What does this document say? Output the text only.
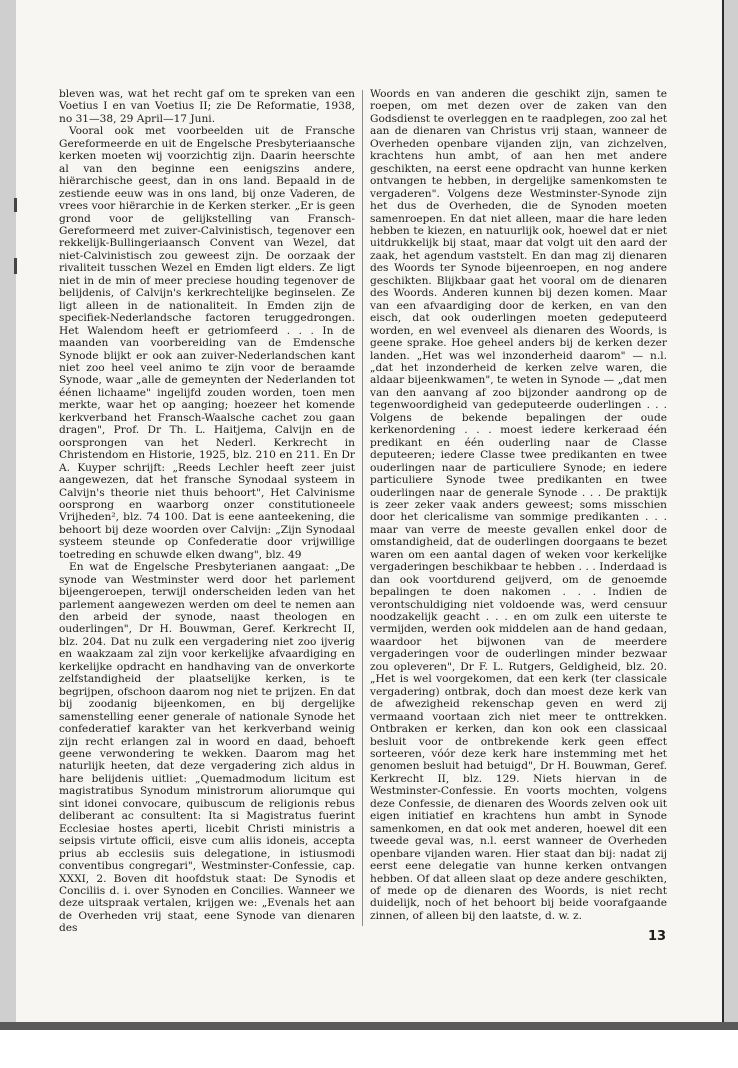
bleven was, wat het recht gaf om te spreken van een Voetius I en van Voetius II; zie De Reformatie, 1938, no 31—38, 29 April—17 Juni.

Vooral ook met voorbeelden uit de Fransche Gereformeerde en uit de Engelsche Presbyteriaansche kerken moeten wij voorzichtig zijn. Daarin heerschte al van den beginne een eenigszins andere, hiërarchische geest, dan in ons land. Bepaald in de zestiende eeuw was in ons land, bij onze Vaderen, de vrees voor hiërarchie in de Kerken sterker. „Er is geen grond voor de gelijkstelling van Fransch-Gereformeerd met zuiver-Calvinistisch, tegenover een rekkelijk-Bullingeriaansch Convent van Wezel, dat niet-Calvinistisch zou geweest zijn. De oorzaak der rivaliteit tusschen Wezel en Emden ligt elders. Ze ligt niet in de min of meer preciese houding tegenover de belijdenis, of Calvijn's kerkrechtelijke beginselen. Ze ligt alleen in de nationaliteit. In Emden zijn de specifiek-Nederlandsche factoren teruggedrongen. Het Walendom heeft er getriomfeerd . . . In de maanden van voorbereiding van de Emdensche Synode blijkt er ook aan zuiver-Nederlandschen kant niet zoo heel veel animo te zijn voor de beraamde Synode, waar „alle de gemeynten der Nederlanden tot éénen lichaame" ingelijfd zouden worden, toen men merkte, waar het op aanging; hoezeer het komende kerkverband het Fransch-Waalsche cachet zou gaan dragen", Prof. Dr Th. L. Haitjema, Calvijn en de oorsprongen van het Nederl. Kerkrecht in Christendom en Historie, 1925, blz. 210 en 211. En Dr A. Kuyper schrijft: „Reeds Lechler heeft zeer juist aangewezen, dat het fransche Synodaal systeem in Calvijn's theorie niet thuis behoort", Het Calvinisme oorsprong en waarborg onzer constitutioneele Vrijheden², blz. 74 100. Dat is eene aanteekening, die behoort bij deze woorden over Calvijn: „Zijn Synodaal systeem steunde op Confederatie door vrijwillige toetreding en schuwde elken dwang", blz. 49

En wat de Engelsche Presbyterianen aangaat: „De synode van Westminster werd door het parlement bijeengeroepen, terwijl onderscheiden leden van het parlement aangewezen werden om deel te nemen aan den arbeid der synode, naast theologen en ouderlingen", Dr H. Bouwman, Geref. Kerkrecht II, blz. 204. Dat nu zulk een vergadering niet zoo ijverig en waakzaam zal zijn voor kerkelijke afvaardiging en kerkelijke opdracht en handhaving van de onverkorte zelfstandigheid der plaatselijke kerken, is te begrijpen, ofschoon daarom nog niet te prijzen. En dat bij zoodanig bijeenkomen, en bij dergelijke samenstelling eener generale of nationale Synode het confederatief karakter van het kerkverband weinig zijn recht erlangen zal in woord en daad, behoeft geene verwondering te wekken. Daarom mag het naturlijk heeten, dat deze vergadering zich aldus in hare belijdenis uitliet: „Quemadmodum licitum est magistratibus Synodum ministrorum aliorumque qui sint idonei convocare, quibuscum de religionis rebus deliberant ac consultent: Ita si Magistratus fuerint Ecclesiae hostes aperti, licebit Christi ministris a seipsis virtute officii, eisve cum aliis idoneis, accepta prius ab ecclesiis suis delegatione, in istiusmodi conventibus congregari", Westminster-Confessie, cap. XXXI, 2. Boven dit hoofdstuk staat: De Synodis et Conciliis d. i. over Synoden en Concilies. Wanneer we deze uitspraak vertalen, krijgen we: „Evenals het aan de Overheden vrij staat, eene Synode van dienaren des

Woords en van anderen die geschikt zijn, samen te roepen, om met dezen over de zaken van den Godsdienst te overleggen en te raadplegen, zoo zal het aan de dienaren van Christus vrij staan, wanneer de Overheden openbare vijanden zijn, van zichzelven, krachtens hun ambt, of aan hen met andere geschikten, na eerst eene opdracht van hunne kerken ontvangen te hebben, in dergelijke samenkomsten te vergaderen". Volgens deze Westminster-Synode zijn het dus de Overheden, die de Synoden moeten samenroepen. En dat niet alleen, maar die hare leden hebben te kiezen, en natuurlijk ook, hoewel dat er niet uitdrukkelijk bij staat, maar dat volgt uit den aard der zaak, het agendum vaststelt. En dan mag zij dienaren des Woords ter Synode bijeenroepen, en nog andere geschikten. Blijkbaar gaat het vooral om de dienaren des Woords. Anderen kunnen bij dezen komen. Maar van een afvaardiging door de kerken, en van den eisch, dat ook ouderlingen moeten gedeputeerd worden, en wel evenveel als dienaren des Woords, is geene sprake. Hoe geheel anders bij de kerken dezer landen. „Het was wel inzonderheid daarom" — n.l. „dat het inzonderheid de kerken zelve waren, die aldaar bijeenkwamen", te weten in Synode — „dat men van den aanvang af zoo bijzonder aandrong op de tegenwoordigheid van gedeputeerde ouderlingen . . . Volgens de bekende bepalingen der oude kerkenordening . . . moest iedere kerkeraad één predikant en één ouderling naar de Classe deputeeren; iedere Classe twee predikanten en twee ouderlingen naar de particuliere Synode; en iedere particuliere Synode twee predikanten en twee ouderlingen naar de generale Synode . . . De praktijk is zeer zeker vaak anders geweest; soms misschien door het clericalisme van sommige predikanten . . . maar van verre de meeste gevallen enkel door de omstandigheid, dat de ouderlingen doorgaans te bezet waren om een aantal dagen of weken voor kerkelijke vergaderingen beschikbaar te hebben . . . Inderdaad is dan ook voortdurend geijverd, om de genoemde bepalingen te doen nakomen . . . Indien de verontschuldiging niet voldoende was, werd censuur noodzakelijk geacht . . . en om zulk een uiterste te vermijden, werden ook middelen aan de hand gedaan, waardoor het bijwonen van de meerdere vergaderingen voor de ouderlingen minder bezwaar zou opleveren", Dr F. L. Rutgers, Geldigheid, blz. 20. „Het is wel voorgekomen, dat een kerk (ter classicale vergadering) ontbrak, doch dan moest deze kerk van de afwezigheid rekenschap geven en werd zij vermaand voortaan zich niet meer te onttrekken. Ontbraken er kerken, dan kon ook een classicaal besluit voor de ontbrekende kerk geen effect sorteeren, vóór deze kerk hare instemming met het genomen besluit had betuigd", Dr H. Bouwman, Geref. Kerkrecht II, blz. 129. Niets hiervan in de Westminster-Confessie. En voorts mochten, volgens deze Confessie, de dienaren des Woords zelven ook uit eigen initiatief en krachtens hun ambt in Synode samenkomen, en dat ook met anderen, hoewel dit een tweede geval was, n.l. eerst wanneer de Overheden openbare vijanden waren. Hier staat dan bij: nadat zij eerst eene delegatie van hunne kerken ontvangen hebben. Of dat alleen slaat op deze andere geschikten, of mede op de dienaren des Woords, is niet recht duidelijk, noch of het behoort bij beide voorafgaande zinnen, of alleen bij den laatste, d. w. z.

13
